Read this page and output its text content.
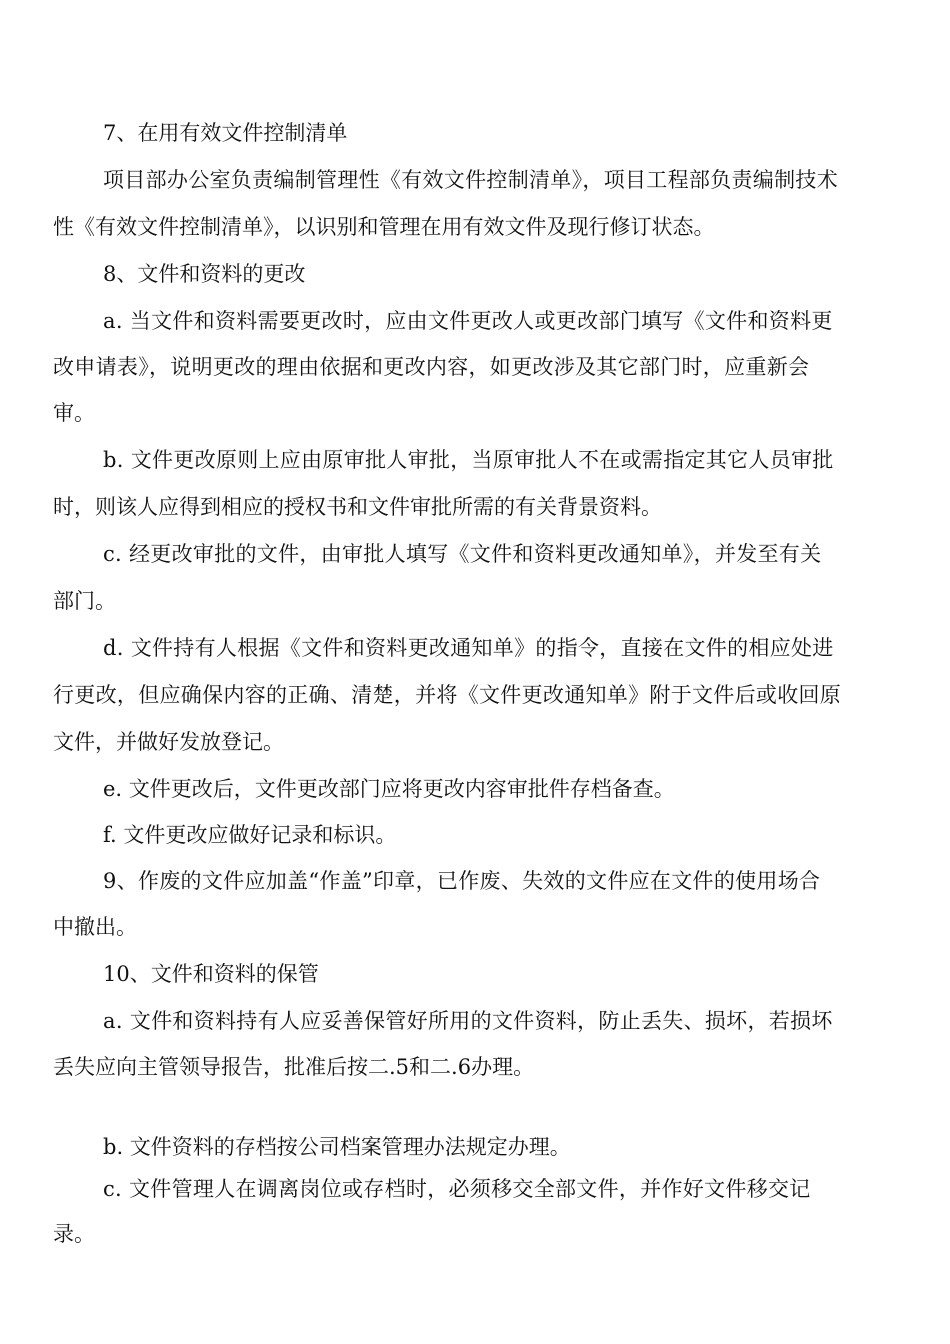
7、在用有效文件控制清单
项目部办公室负责编制管理性《有效文件控制清单》，项目工程部负责编制技术
性《有效文件控制清单》，以识别和管理在用有效文件及现行修订状态。
8、文件和资料的更改
a. 当文件和资料需要更改时，应由文件更改人或更改部门填写《文件和资料更
改申请表》，说明更改的理由依据和更改内容，如更改涉及其它部门时，应重新会
审。
b. 文件更改原则上应由原审批人审批，当原审批人不在或需指定其它人员审批
时，则该人应得到相应的授权书和文件审批所需的有关背景资料。
c. 经更改审批的文件，由审批人填写《文件和资料更改通知单》，并发至有关
部门。
d. 文件持有人根据《文件和资料更改通知单》的指令，直接在文件的相应处进
行更改，但应确保内容的正确、清楚，并将《文件更改通知单》附于文件后或收回原
文件，并做好发放登记。
e. 文件更改后，文件更改部门应将更改内容审批件存档备查。
f. 文件更改应做好记录和标识。
9、作废的文件应加盖“作盖”印章，已作废、失效的文件应在文件的使用场合
中撤出。
10、文件和资料的保管
a. 文件和资料持有人应妥善保管好所用的文件资料，防止丢失、损坏，若损坏
丢失应向主管领导报告，批准后按二.5和二.6办理。
b. 文件资料的存档按公司档案管理办法规定办理。
c. 文件管理人在调离岗位或存档时，必须移交全部文件，并作好文件移交记
录。
